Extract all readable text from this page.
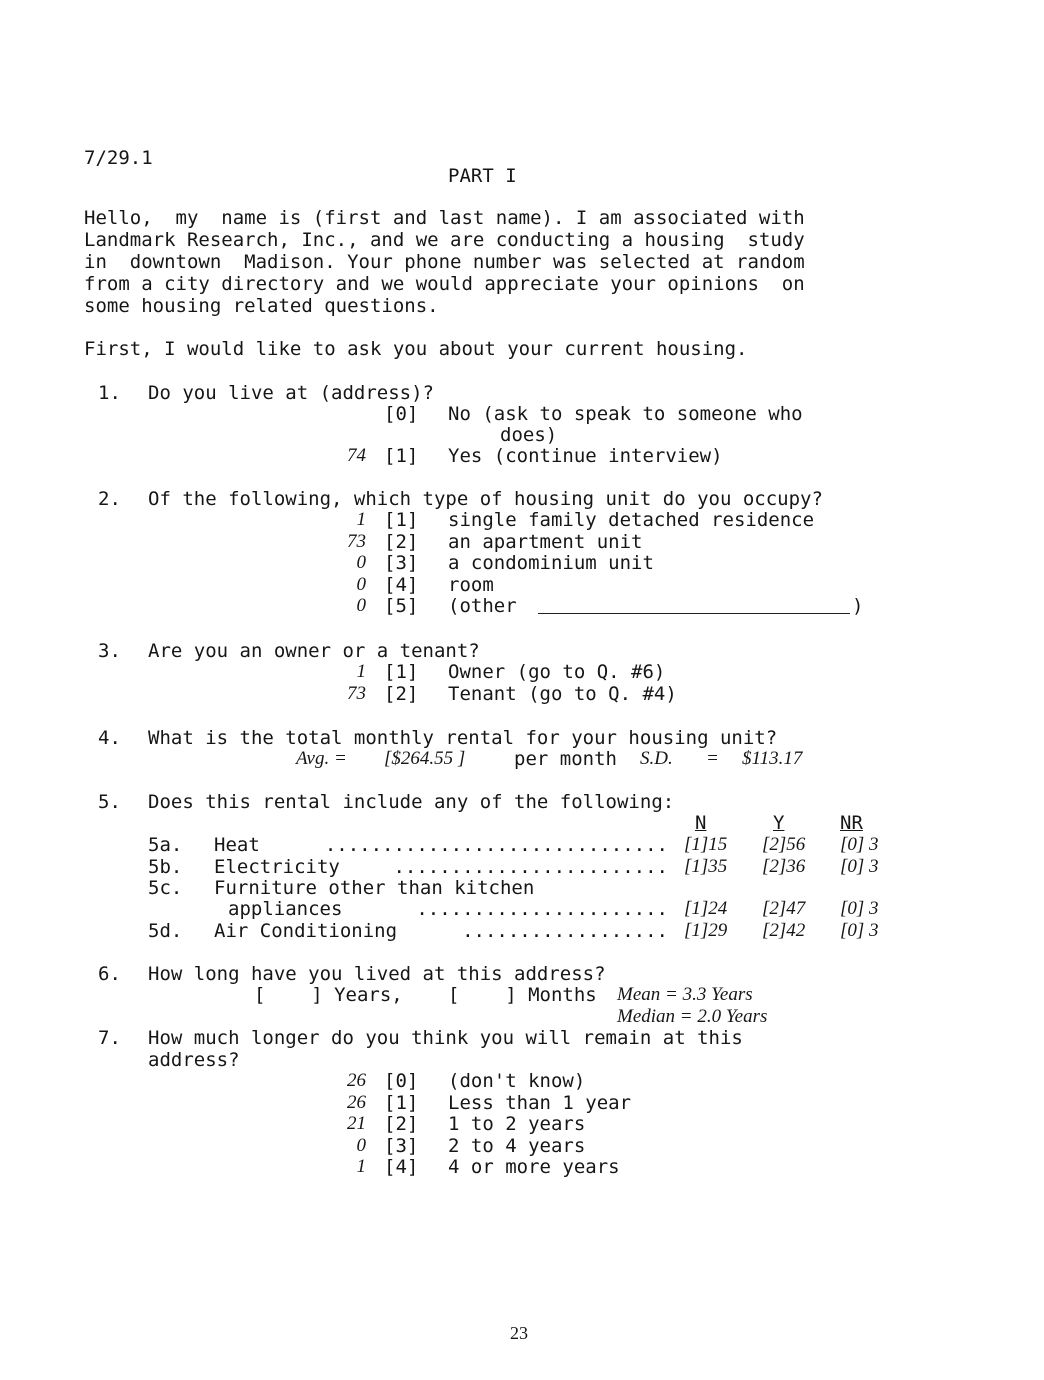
7/29.1
PART I
Hello,  my  name is (first and last name). I am associated with
Landmark Research, Inc., and we are conducting a housing  study
in  downtown  Madison. Your phone number was selected at random
from a city directory and we would appreciate your opinions  on
some housing related questions.
First, I would like to ask you about your current housing.
1. Do you live at (address)?
[0] No (ask to speak to someone who
does)
74 [1] Yes (continue interview)
2. Of the following, which type of housing unit do you occupy?
1 [1] single family detached residence
73 [2] an apartment unit
0 [3] a condominium unit
0 [4] room
0 [5] (other	)
3. Are you an owner or a tenant?
1 [1] Owner (go to Q. #6)
73 [2] Tenant (go to Q. #4)
4. What is the total monthly rental for your housing unit?
Avg. = [$264.55 ]	per month S.D. = $113.17
5. Does this rental include any of the following:
N	Y	NR
5a. Heat	.............................. [1]15 [2]56 [0] 3
5b. Electricity	........................ [1]35 [2]36 [0] 3
5c. Furniture other than kitchen
appliances	...................... [1]24 [2]47 [0] 3
5d. Air Conditioning	.................. [1]29 [2]42 [0] 3
6. How long have you lived at this address?
[    ] Years, [    ] Months Mean = 3.3 Years
Median = 2.0 Years
7. How much longer do you think you will remain at this
address?
26 [0] (don't know)
26 [1] Less than 1 year
21 [2] 1 to 2 years
0 [3] 2 to 4 years
1 [4] 4 or more years
23
